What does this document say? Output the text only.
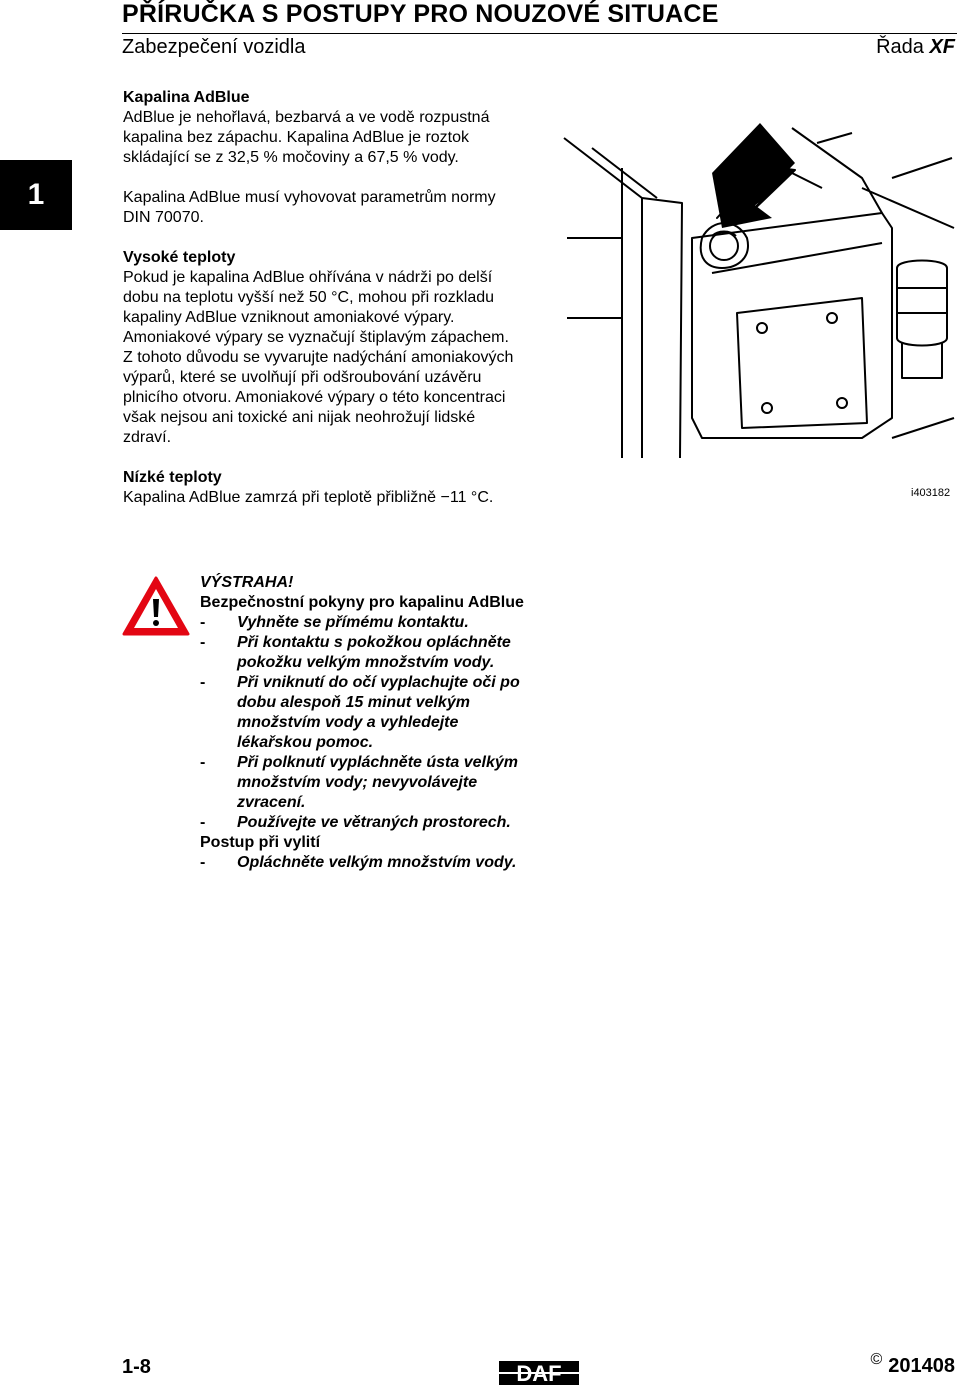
PŘÍRUČKA S POSTUPY PRO NOUZOVÉ SITUACE
Zabezpečení vozidla	Řada XF
1

Kapalina AdBlue

AdBlue je nehořlavá, bezbarvá a ve vodě rozpustná kapalina bez zápachu. Kapalina AdBlue je roztok skládající se z 32,5 % močoviny a 67,5 % vody.

Kapalina AdBlue musí vyhovovat parametrům normy DIN 70070.

Vysoké teploty

Pokud je kapalina AdBlue ohřívána v nádrži po delší dobu na teplotu vyšší než 50 °C, mohou při rozkladu kapaliny AdBlue vzniknout amoniakové výpary. Amoniakové výpary se vyznačují štiplavým zápachem. Z tohoto důvodu se vyvarujte nadýchání amoniakových výparů, které se uvolňují při odšroubování uzávěru plnicího otvoru. Amoniakové výpary o této koncentraci však nejsou ani toxické ani nijak neohrožují lidské zdraví.

Nízké teploty

Kapalina AdBlue zamrzá při teplotě přibližně −11 °C.	i403182
VÝSTRAHA!
Bezpečnostní pokyny pro kapalinu AdBlue
-	Vyhněte se přímému kontaktu.
-	Při kontaktu s pokožkou opláchněte pokožku velkým množstvím vody.
-	Při vniknutí do očí vyplachujte oči po dobu alespoň 15 minut velkým množstvím vody a vyhledejte lékařskou pomoc.
-	Při polknutí vypláchněte ústa velkým množstvím vody; nevyvolávejte zvracení.
-	Používejte ve větraných prostorech.
Postup při vylití
-	Opláchněte velkým množstvím vody.
1-8	DAF
© 201408
